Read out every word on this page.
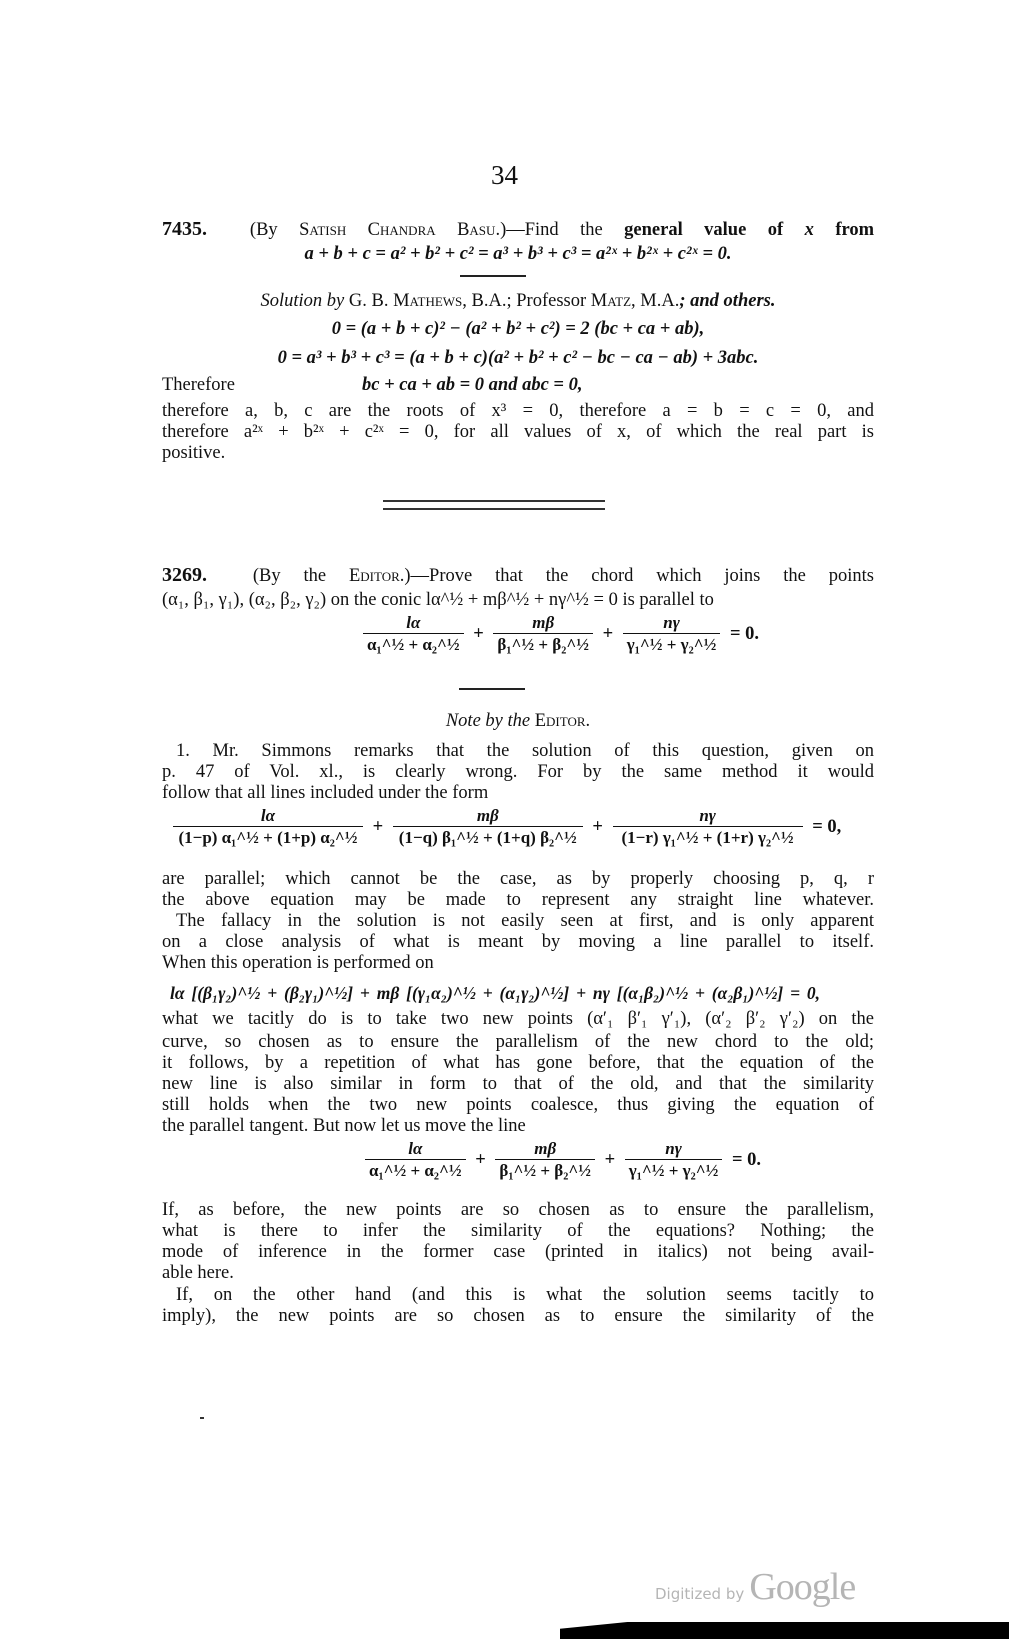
34
7435. (By Satish Chandra Basu.)—Find the general value of x from
a + b + c = a² + b² + c² = a³ + b³ + c³ = a²ˣ + b²ˣ + c²ˣ = 0.
Solution by G. B. Mathews, B.A.; Professor Matz, M.A.; and others.
0 = (a + b + c)² − (a² + b² + c²) = 2 (bc + ca + ab),
0 = a³ + b³ + c³ = (a + b + c)(a² + b² + c² − bc − ca − ab) + 3abc.
Therefore	bc + ca + ab = 0 and abc = 0,
therefore a, b, c are the roots of x³ = 0, therefore a = b = c = 0, and
therefore a²ˣ + b²ˣ + c²ˣ = 0, for all values of x, of which the real part is
positive.
3269. (By the Editor.)—Prove that the chord which joins the points
(α₁, β₁, γ₁), (α₂, β₂, γ₂) on the conic lα^½ + mβ^½ + nγ^½ = 0 is parallel to
$\frac{l\alpha}{\text{α₁\textasciicircum{}½ + α₂\textasciicircum{}½}} + \frac{m\beta}{\text{β₁\textasciicircum{}½ + β₂\textasciicircum{}½}} + \frac{n\gamma}{\text{γ₁\textasciicircum{}½ + γ₂\textasciicircum{}½}} = 0$.
Note by the Editor.
1. Mr. Simmons remarks that the solution of this question, given on
p. 47 of Vol. xl., is clearly wrong. For by the same method it would
follow that all lines included under the form
$\frac{l\alpha}{\text{(1−p) α₁\textasciicircum{}½ + (1+p) α₂\textasciicircum{}½}} + \frac{m\beta}{\text{(1−q) β₁\textasciicircum{}½ + (1+q) β₂\textasciicircum{}½}} + \frac{n\gamma}{\text{(1−r) γ₁\textasciicircum{}½ + (1+r) γ₂\textasciicircum{}½}} = 0$,
are parallel; which cannot be the case, as by properly choosing p, q, r
the above equation may be made to represent any straight line whatever.
The fallacy in the solution is not easily seen at first, and is only apparent
on a close analysis of what is meant by moving a line parallel to itself.
When this operation is performed on
lα [(β₁γ₂)^½ + (β₂γ₁)^½] + mβ [(γ₁α₂)^½ + (α₁γ₂)^½] + nγ [(α₁β₂)^½ + (α₂β₁)^½] = 0,
what we tacitly do is to take two new points (α′₁ β′₁ γ′₁), (α′₂ β′₂ γ′₂) on the
curve, so chosen as to ensure the parallelism of the new chord to the old;
it follows, by a repetition of what has gone before, that the equation of the
new line is also similar in form to that of the old, and that the similarity
still holds when the two new points coalesce, thus giving the equation of
the parallel tangent. But now let us move the line
$\frac{l\alpha}{\text{α₁\textasciicircum{}½ + α₂\textasciicircum{}½}} + \frac{m\beta}{\text{β₁\textasciicircum{}½ + β₂\textasciicircum{}½}} + \frac{n\gamma}{\text{γ₁\textasciicircum{}½ + γ₂\textasciicircum{}½}} = 0$.
If, as before, the new points are so chosen as to ensure the parallelism,
what is there to infer the similarity of the equations? Nothing; the
mode of inference in the former case (printed in italics) not being avail-
able here.
If, on the other hand (and this is what the solution seems tacitly to
imply), the new points are so chosen as to ensure the similarity of the
Digitized by Google
